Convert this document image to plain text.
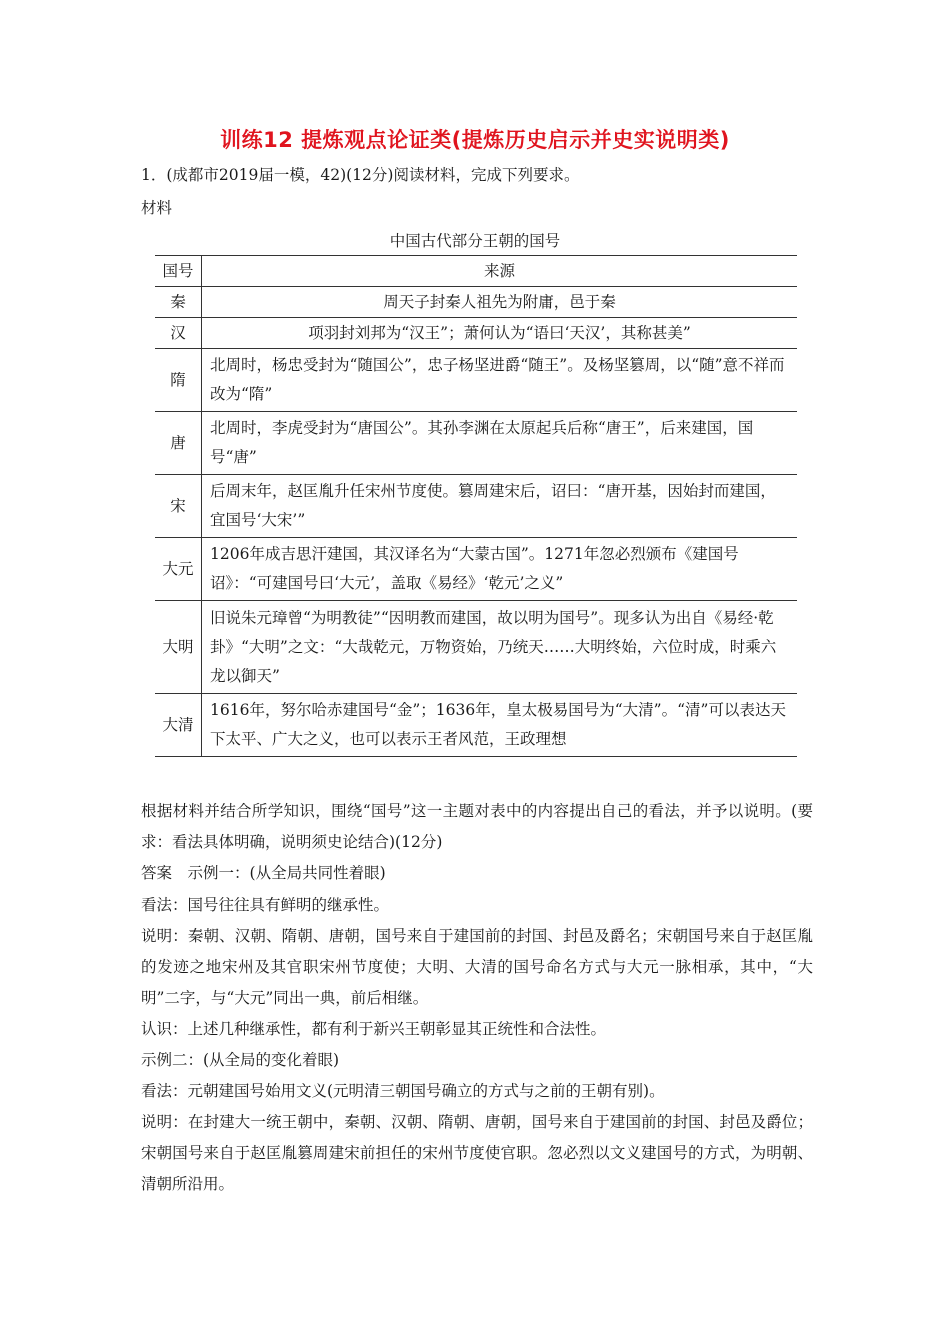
训练12 提炼观点论证类(提炼历史启示并史实说明类)
1．(成都市2019届一模，42)(12分)阅读材料，完成下列要求。
材料
中国古代部分王朝的国号
国号	来源
秦	周天子封秦人祖先为附庸，邑于秦
汉	项羽封刘邦为“汉王”；萧何认为“语曰‘天汉’，其称甚美”
隋	北周时，杨忠受封为“随国公”，忠子杨坚进爵“随王”。及杨坚篡周，以“随”意不祥而改为“隋”
唐	北周时，李虎受封为“唐国公”。其孙李渊在太原起兵后称“唐王”，后来建国，国号“唐”
宋	后周末年，赵匡胤升任宋州节度使。篡周建宋后，诏曰：“唐开基，因始封而建国，宜国号‘大宋’”
大元	1206年成吉思汗建国，其汉译名为“大蒙古国”。1271年忽必烈颁布《建国号诏》：“可建国号曰‘大元’，盖取《易经》‘乾元’之义”
大明	旧说朱元璋曾“为明教徒”“因明教而建国，故以明为国号”。现多认为出自《易经·乾卦》“大明”之文：“大哉乾元，万物资始，乃统天……大明终始，六位时成，时乘六龙以御天”
大清	1616年，努尔哈赤建国号“金”；1636年，皇太极易国号为“大清”。“清”可以表达天下太平、广大之义，也可以表示王者风范，王政理想
根据材料并结合所学知识，围绕“国号”这一主题对表中的内容提出自己的看法，并予以说明。(要求：看法具体明确，说明须史论结合)(12分)
答案　 示例一：(从全局共同性着眼)
看法：国号往往具有鲜明的继承性。
说明：秦朝、汉朝、隋朝、唐朝，国号来自于建国前的封国、封邑及爵名；宋朝国号来自于赵匡胤的发迹之地宋州及其官职宋州节度使；大明、大清的国号命名方式与大元一脉相承，其中，“大明”二字，与“大元”同出一典，前后相继。
认识：上述几种继承性，都有利于新兴王朝彰显其正统性和合法性。
示例二：(从全局的变化着眼)
看法：元朝建国号始用文义(元明清三朝国号确立的方式与之前的王朝有别)。
说明：在封建大一统王朝中，秦朝、汉朝、隋朝、唐朝，国号来自于建国前的封国、封邑及爵位；宋朝国号来自于赵匡胤篡周建宋前担任的宋州节度使官职。忽必烈以文义建国号的方式，为明朝、清朝所沿用。
